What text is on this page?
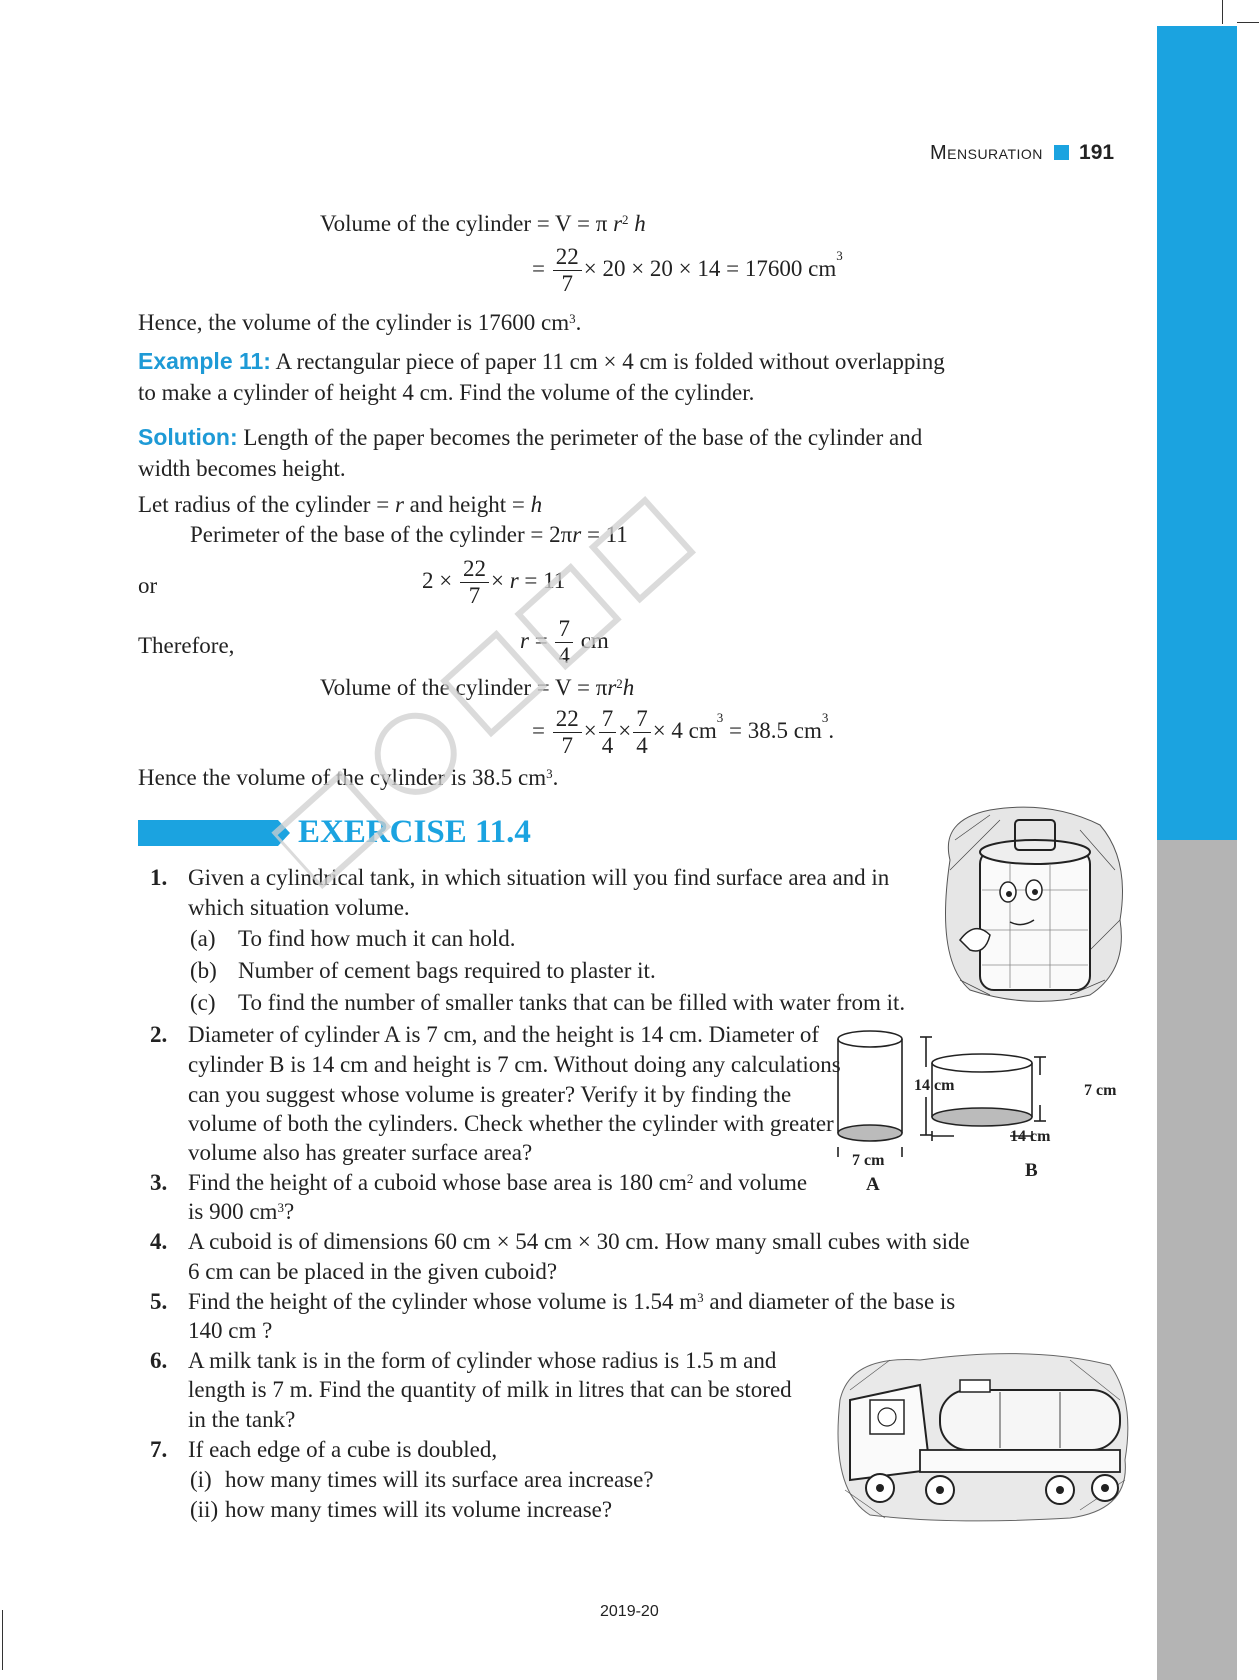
Mensuration 191
Volume of the cylinder = V = π $r^2$ h
= $\frac{22}{7} \times 20 \times 20 \times 14 = 17600$ $cm^3$
Hence, the volume of the cylinder is 17600 $cm^3$.
Example 11: A rectangular piece of paper 11 cm × 4 cm is folded without overlapping
to make a cylinder of height 4 cm. Find the volume of the cylinder.
Solution: Length of the paper becomes the perimeter of the base of the cylinder and
width becomes height.
Let radius of the cylinder = r and height = h
Perimeter of the base of the cylinder = 2πr = 11
or	$2 \times \frac{22}{7} \times r = 11$
Therefore,	$r = \frac{7}{4}$ cm
Volume of the cylinder = $V = \pi r^2h$
= $\frac{22}{7} \times \frac{7}{4} \times \frac{7}{4} \times 4$ $cm^3 = 38.5$ $cm^3$.
Hence the volume of the cylinder is 38.5 $cm^3$.
EXERCISE 11.4
1. Given a cylindrical tank, in which situation will you find surface area and in
which situation volume.
(a) To find how much it can hold.
(b) Number of cement bags required to plaster it.
(c) To find the number of smaller tanks that can be filled with water from it.
2. Diameter of cylinder A is 7 cm, and the height is 14 cm. Diameter of
cylinder B is 14 cm and height is 7 cm. Without doing any calculations
can you suggest whose volume is greater? Verify it by finding the
volume of both the cylinders. Check whether the cylinder with greater
volume also has greater surface area?
3. Find the height of a cuboid whose base area is 180 $cm^2$ and volume
is 900 $cm^3$?
4. A cuboid is of dimensions 60 cm × 54 cm × 30 cm. How many small cubes with side
6 cm can be placed in the given cuboid?
5. Find the height of the cylinder whose volume is 1.54 $m^3$ and diameter of the base is
140 cm ?
6. A milk tank is in the form of cylinder whose radius is 1.5 m and
length is 7 m. Find the quantity of milk in litres that can be stored
in the tank?
7. If each edge of a cube is doubled,
(i) how many times will its surface area increase?
(ii) how many times will its volume increase?
14 cm
7 cm
A
7 cm
14 cm
B
2019-20
